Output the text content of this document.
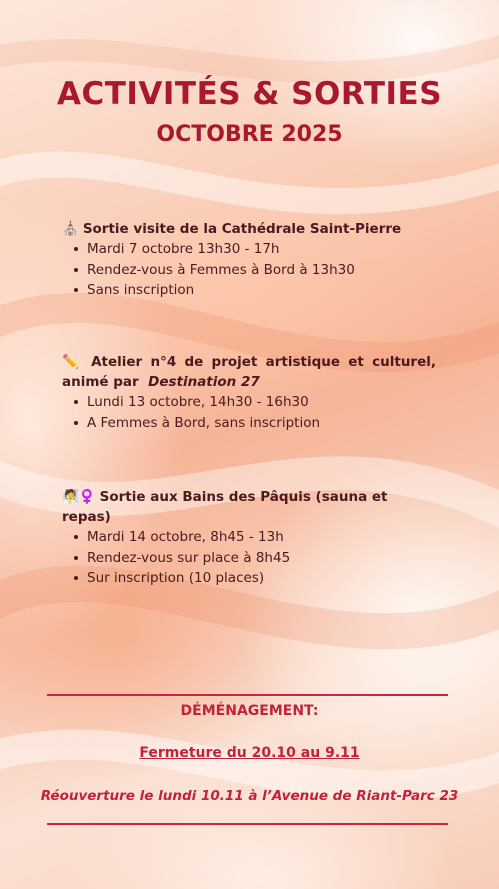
ACTIVITÉS & SORTIES
OCTOBRE 2025
⛪ Sortie visite de la Cathédrale Saint-Pierre
Mardi 7 octobre 13h30 - 17h
Rendez-vous à Femmes à Bord à 13h30
Sans inscription
✏️ Atelier n°4 de projet artistique et culturel, animé par Destination 27
Lundi 13 octobre, 14h30 - 16h30
A Femmes à Bord, sans inscription
🧖♀️ Sortie aux Bains des Pâquis (sauna et repas)
Mardi 14 octobre, 8h45 - 13h
Rendez-vous sur place à 8h45
Sur inscription (10 places)
DÉMÉNAGEMENT:
Fermeture du 20.10 au 9.11
Réouverture le lundi 10.11 à l’Avenue de Riant-Parc 23
